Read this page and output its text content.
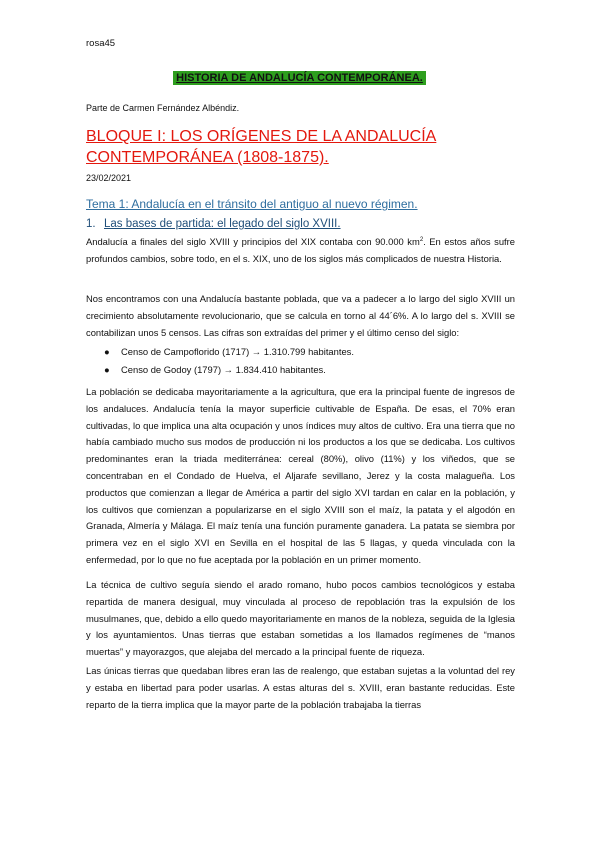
rosa45
HISTORIA DE ANDALUCÍA CONTEMPORÁNEA.
Parte de Carmen Fernández Albéndiz.
BLOQUE I: LOS ORÍGENES DE LA ANDALUCÍA CONTEMPORÁNEA (1808-1875).
23/02/2021
Tema 1: Andalucía en el tránsito del antiguo al nuevo régimen.
1. Las bases de partida: el legado del siglo XVIII.

Andalucía a finales del siglo XVIII y principios del XIX contaba con 90.000 $km^2$. En estos años sufre profundos cambios, sobre todo, en el s. XIX, uno de los siglos más complicados de nuestra Historia.

Nos encontramos con una Andalucía bastante poblada, que va a padecer a lo largo del siglo XVIII un crecimiento absolutamente revolucionario, que se calcula en torno al 44´6%. A lo largo del s. XVIII se contabilizan unos 5 censos. Las cifras son extraídas del primer y el último censo del siglo:

● Censo de Campoflorido (1717) → 1.310.799 habitantes.
● Censo de Godoy (1797) → 1.834.410 habitantes.

La población se dedicaba mayoritariamente a la agricultura, que era la principal fuente de ingresos de los andaluces. Andalucía tenía la mayor superficie cultivable de España. De esas, el 70% eran cultivadas, lo que implica una alta ocupación y unos índices muy altos de cultivo. Era una tierra que no había cambiado mucho sus modos de producción ni los productos a los que se dedicaba. Los cultivos predominantes eran la triada mediterránea: cereal (80%), olivo (11%) y los viñedos, que se concentraban en el Condado de Huelva, el Aljarafe sevillano, Jerez y la costa malagueña. Los productos que comienzan a llegar de América a partir del siglo XVI tardan en calar en la población, y los cultivos que comienzan a popularizarse en el siglo XVIII son el maíz, la patata y el algodón en Granada, Almería y Málaga. El maíz tenía una función puramente ganadera. La patata se siembra por primera vez en el siglo XVI en Sevilla en el hospital de las 5 llagas, y queda vinculada con la enfermedad, por lo que no fue aceptada por la población en un primer momento.

La técnica de cultivo seguía siendo el arado romano, hubo pocos cambios tecnológicos y estaba repartida de manera desigual, muy vinculada al proceso de repoblación tras la expulsión de los musulmanes, que, debido a ello quedo mayoritariamente en manos de la nobleza, seguida de la Iglesia y los ayuntamientos. Unas tierras que estaban sometidas a los llamados regímenes de “manos muertas” y mayorazgos, que alejaba del mercado a la principal fuente de riqueza.

Las únicas tierras que quedaban libres eran las de realengo, que estaban sujetas a la voluntad del rey y estaba en libertad para poder usarlas. A estas alturas del s. XVIII, eran bastante reducidas. Este reparto de la tierra implica que la mayor parte de la población trabajaba la tierras
